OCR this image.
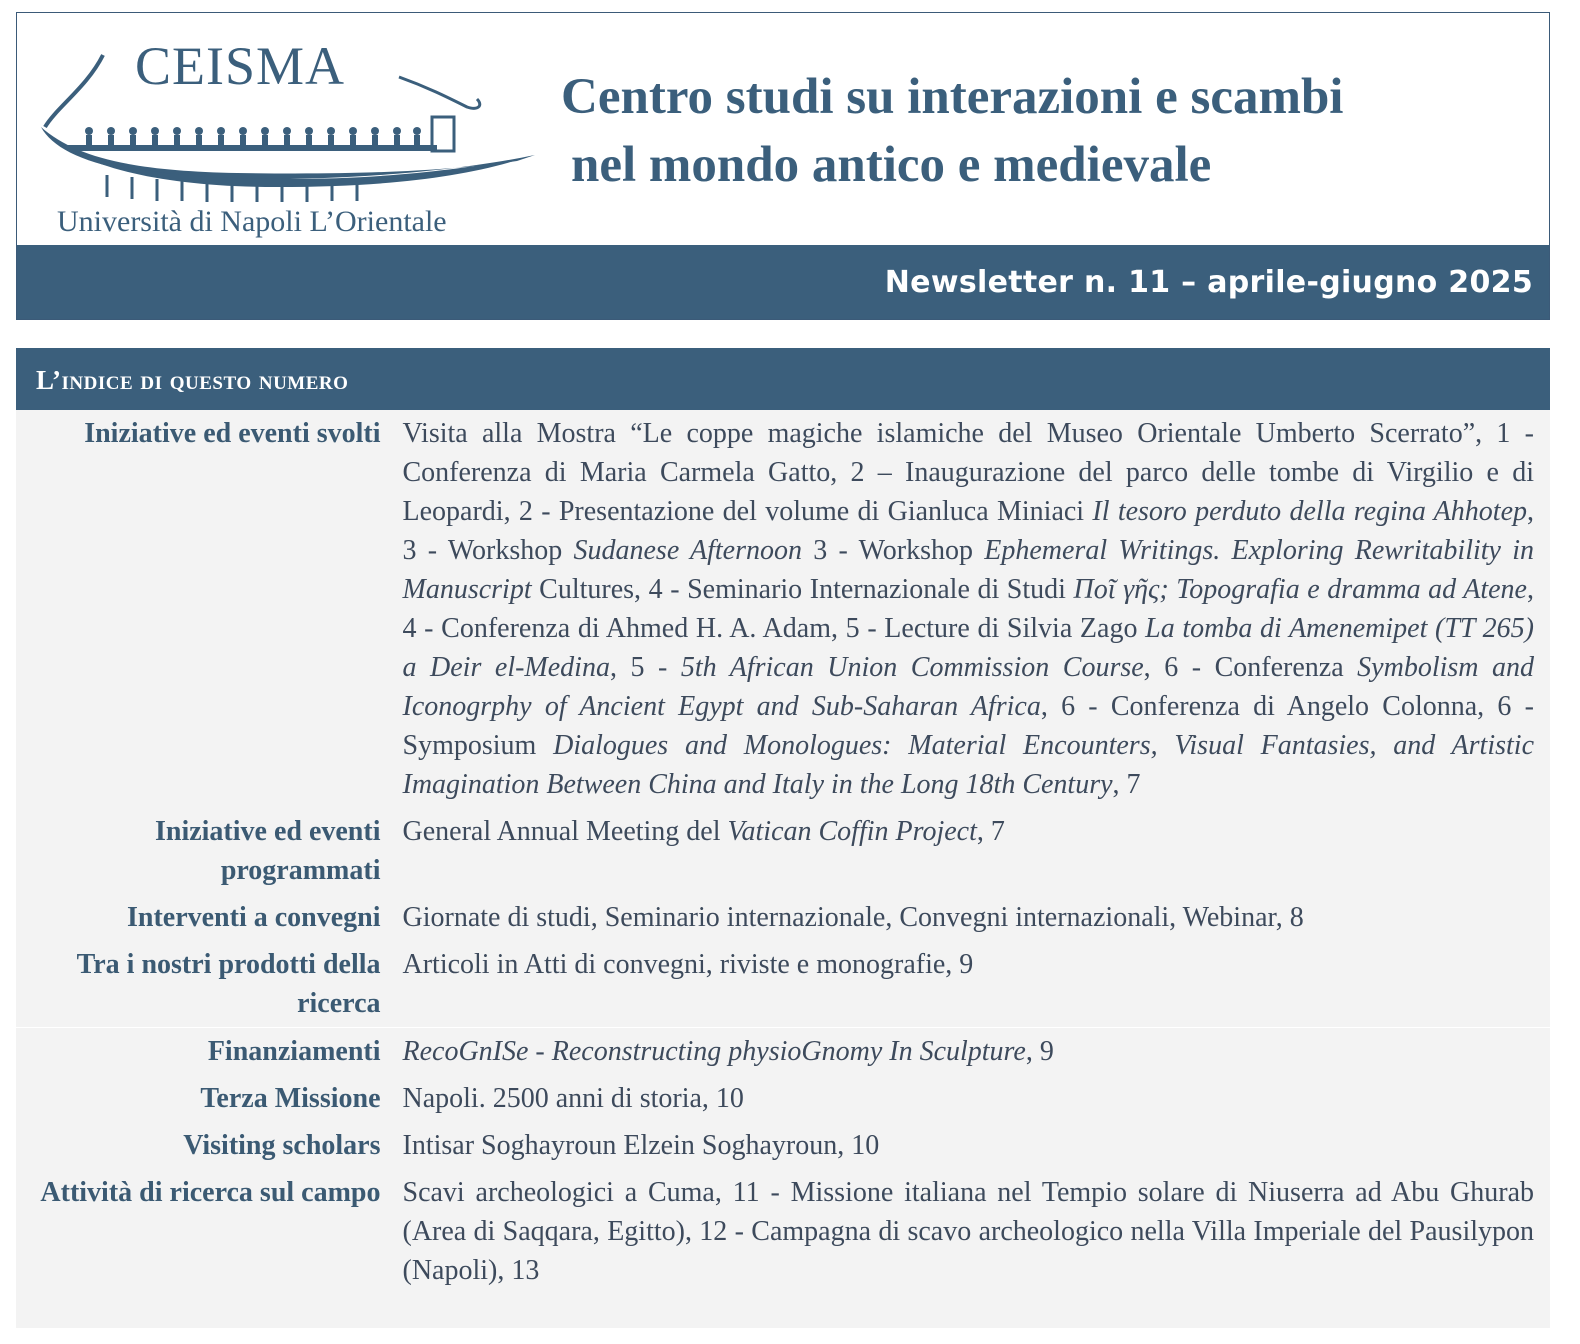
CEISMA
Università di Napoli L’Orientale
Centro studi su interazioni e scambi
nel mondo antico e medievale
Newsletter n. 11 – aprile-giugno 2025
L’indice di questo numero
Iniziative ed eventi svolti	Visita alla Mostra “Le coppe magiche islamiche del Museo Orientale Umberto Scerrato”, 1 - Conferenza di Maria Carmela Gatto, 2 – Inaugurazione del parco delle tombe di Virgilio e di Leopardi, 2 - Presentazione del volume di Gianluca Miniaci Il tesoro perduto della regina Ahhotep, 3 - Workshop Sudanese Afternoon 3 - Workshop Ephemeral Writings. Exploring Rewritability in Manuscript Cultures, 4 - Seminario Internazionale di Studi Ποῖ γῆς; Topografia e dramma ad Atene, 4 - Conferenza di Ahmed H. A. Adam, 5 - Lecture di Silvia Zago La tomba di Amenemipet (TT 265) a Deir el-Medina, 5 - 5th African Union Commission Course, 6 - Conferenza Symbolism and Iconogrphy of Ancient Egypt and Sub-Saharan Africa, 6 - Conferenza di Angelo Colonna, 6 - Symposium Dialogues and Monologues: Material Encounters, Visual Fantasies, and Artistic Imagination Between China and Italy in the Long 18th Century, 7
Iniziative ed eventi programmati	General Annual Meeting del Vatican Coffin Project, 7
Interventi a convegni	Giornate di studi, Seminario internazionale, Convegni internazionali, Webinar, 8
Tra i nostri prodotti della ricerca	Articoli in Atti di convegni, riviste e monografie, 9
Finanziamenti	RecoGnISe - Reconstructing physioGnomy In Sculpture, 9
Terza Missione	Napoli. 2500 anni di storia, 10
Visiting scholars	Intisar Soghayroun Elzein Soghayroun, 10
Attività di ricerca sul campo	Scavi archeologici a Cuma, 11 - Missione italiana nel Tempio solare di Niuserra ad Abu Ghurab (Area di Saqqara, Egitto), 12 - Campagna di scavo archeologico nella Villa Imperiale del Pausilypon (Napoli), 13
